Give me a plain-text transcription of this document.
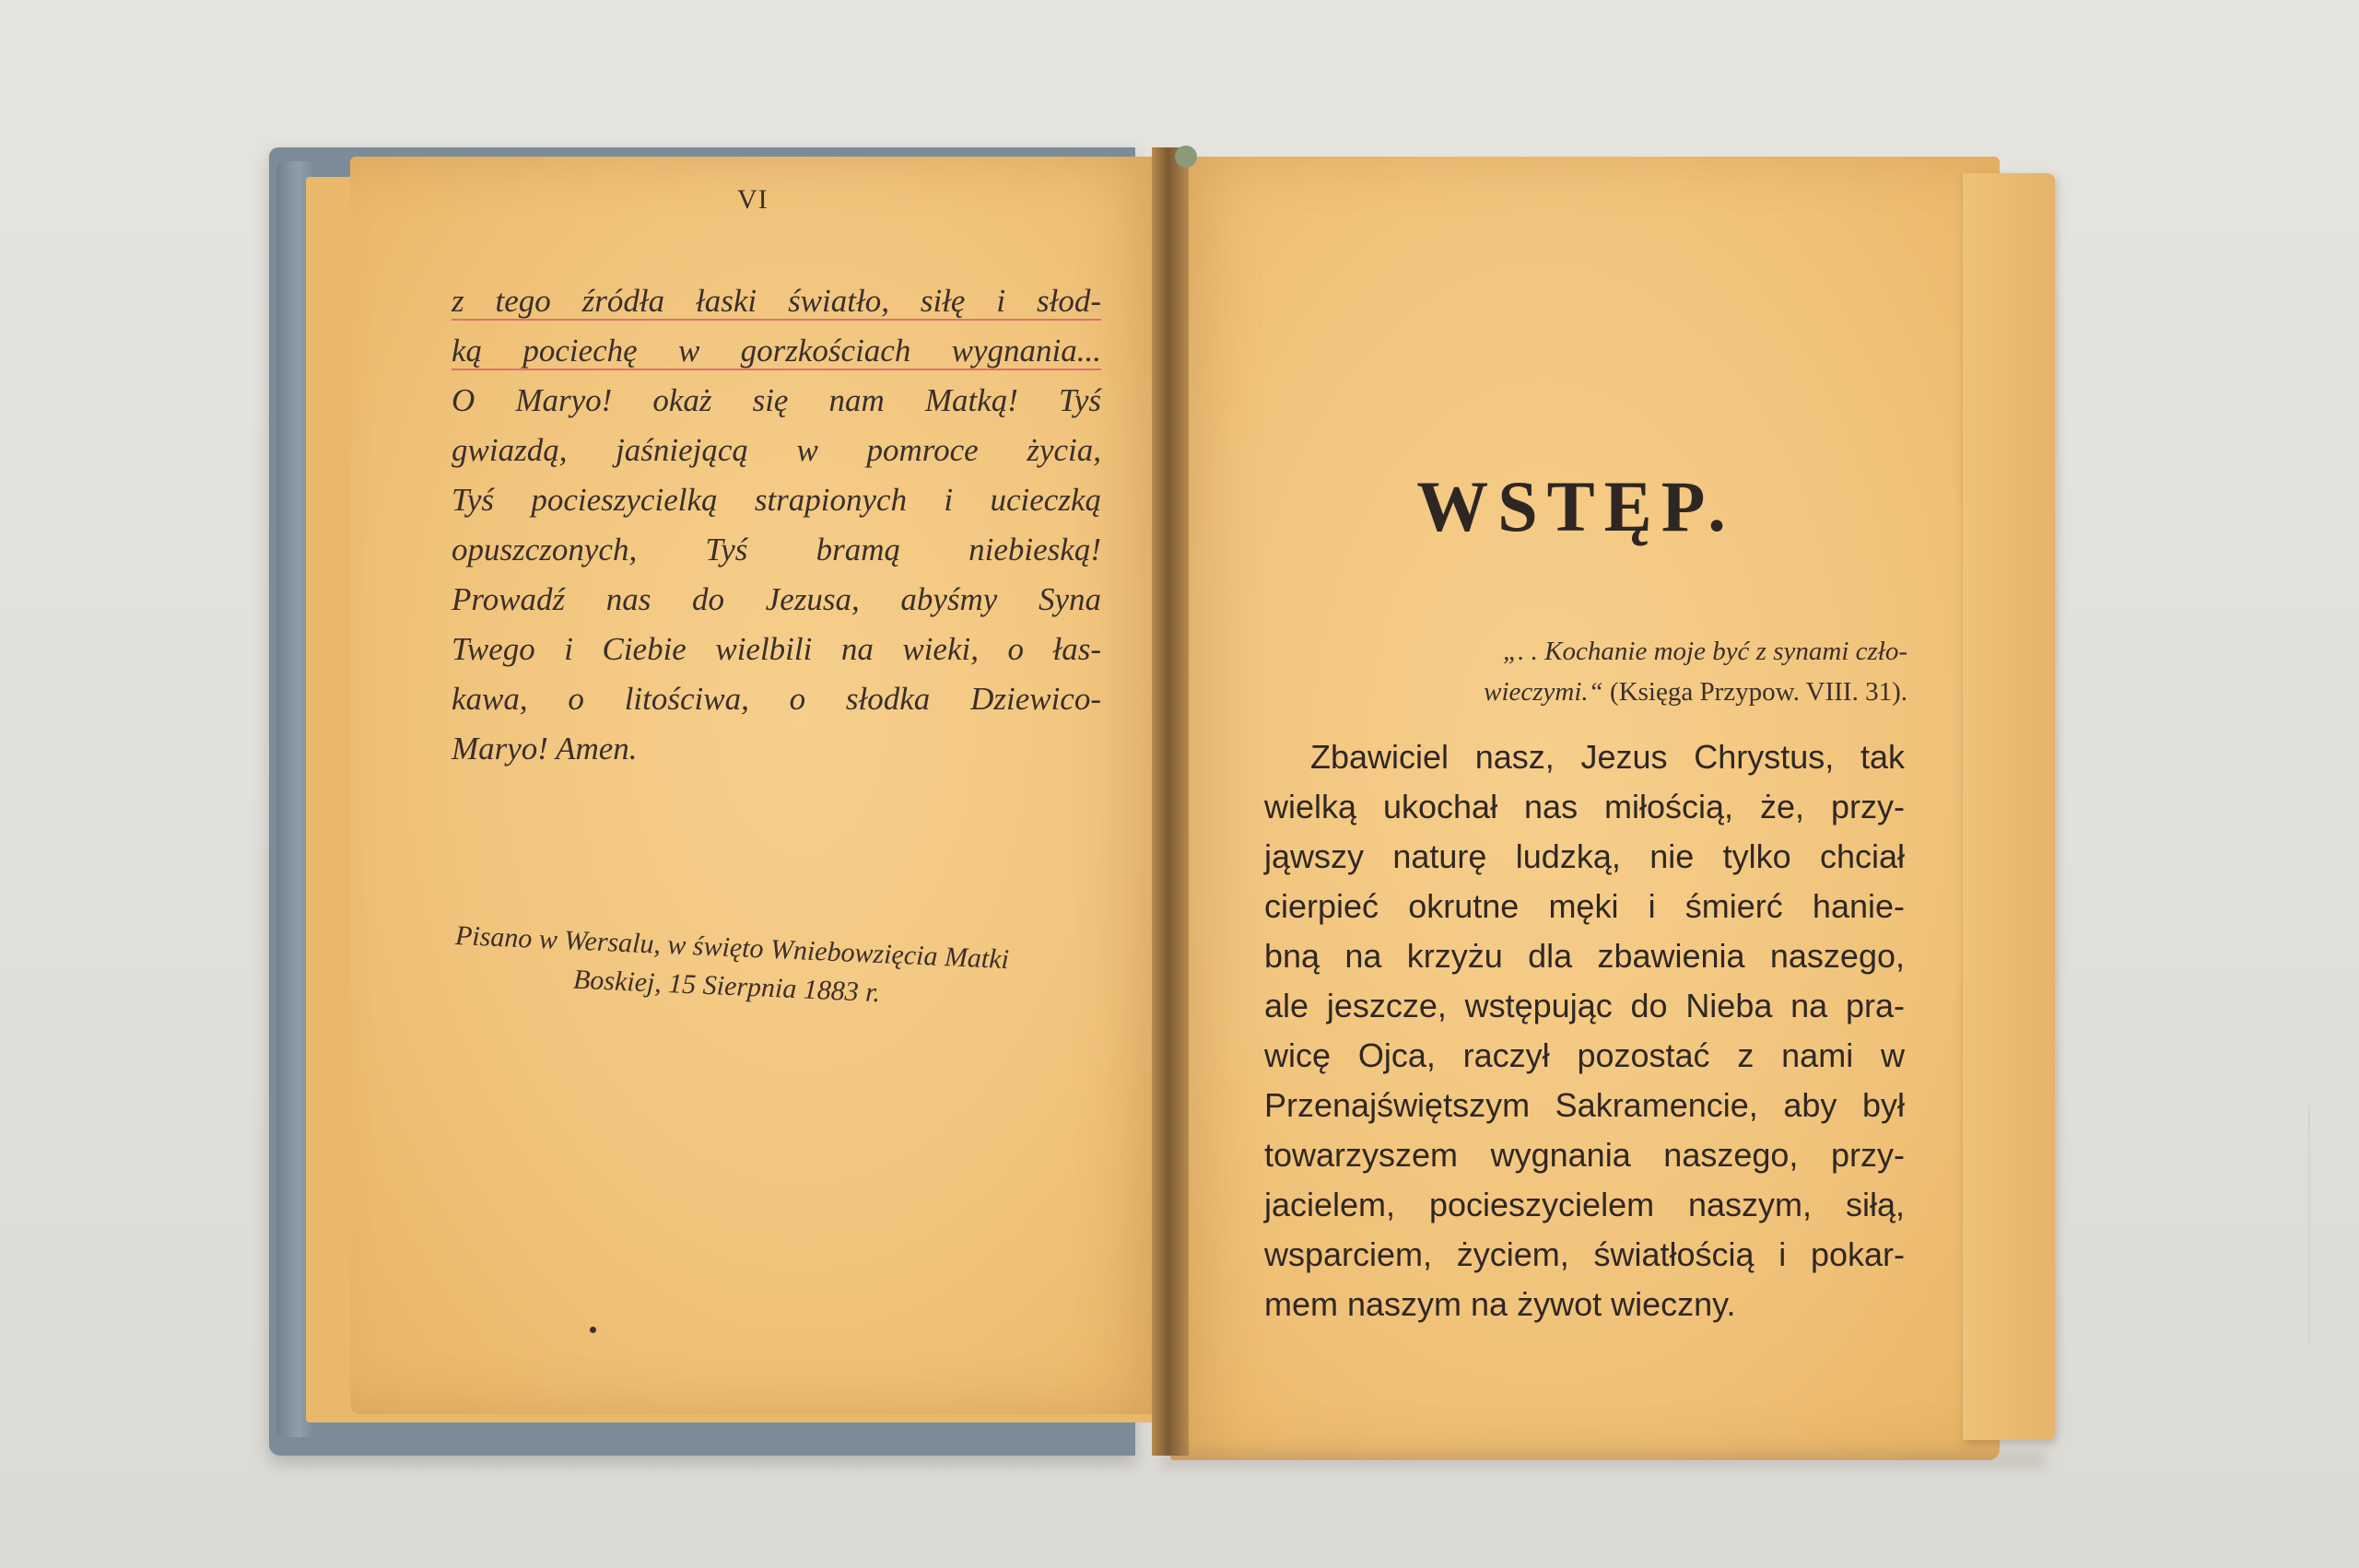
VI
z tego źródła łaski światło, siłę i słod-
ką pociechę w gorzkościach wygnania...
O Maryo! okaż się nam Matką! Tyś
gwiazdą, jaśniejącą w pomroce życia,
Tyś pocieszycielką strapionych i ucieczką
opuszczonych, Tyś bramą niebieską!
Prowadź nas do Jezusa, abyśmy Syna
Twego i Ciebie wielbili na wieki, o łas-
kawa, o litościwa, o słodka Dziewico-
Maryo! Amen.
Pisano w Wersalu, w święto Wniebowzięcia Matki
Boskiej, 15 Sierpnia 1883 r.
WSTĘP.
„. . Kochanie moje być z synami czło-
wieczymi.“ (Księga Przypow. VIII. 31).
Zbawiciel nasz, Jezus Chrystus, tak
wielką ukochał nas miłością, że, przy-
jąwszy naturę ludzką, nie tylko chciał
cierpieć okrutne męki i śmierć hanie-
bną na krzyżu dla zbawienia naszego,
ale jeszcze, wstępując do Nieba na pra-
wicę Ojca, raczył pozostać z nami w
Przenajświętszym Sakramencie, aby był
towarzyszem wygnania naszego, przy-
jacielem, pocieszycielem naszym, siłą,
wsparciem, życiem, światłością i pokar-
mem naszym na żywot wieczny.
